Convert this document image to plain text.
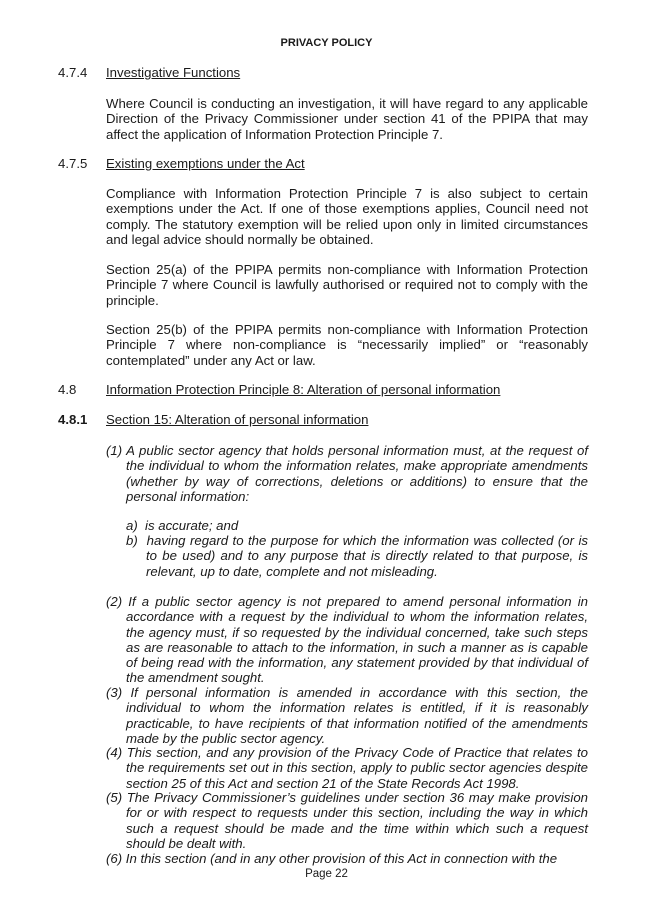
PRIVACY POLICY
4.7.4 Investigative Functions
Where Council is conducting an investigation, it will have regard to any applicable Direction of the Privacy Commissioner under section 41 of the PPIPA that may affect the application of Information Protection Principle 7.
4.7.5 Existing exemptions under the Act
Compliance with Information Protection Principle 7 is also subject to certain exemptions under the Act. If one of those exemptions applies, Council need not comply. The statutory exemption will be relied upon only in limited circumstances and legal advice should normally be obtained.
Section 25(a) of the PPIPA permits non-compliance with Information Protection Principle 7 where Council is lawfully authorised or required not to comply with the principle.
Section 25(b) of the PPIPA permits non-compliance with Information Protection Principle 7 where non-compliance is “necessarily implied” or “reasonably contemplated” under any Act or law.
4.8 Information Protection Principle 8: Alteration of personal information
4.8.1 Section 15: Alteration of personal information
(1) A public sector agency that holds personal information must, at the request of the individual to whom the information relates, make appropriate amendments (whether by way of corrections, deletions or additions) to ensure that the personal information:
a)  is accurate; and
b)  having regard to the purpose for which the information was collected (or is to be used) and to any purpose that is directly related to that purpose, is relevant, up to date, complete and not misleading.
(2) If a public sector agency is not prepared to amend personal information in accordance with a request by the individual to whom the information relates, the agency must, if so requested by the individual concerned, take such steps as are reasonable to attach to the information, in such a manner as is capable of being read with the information, any statement provided by that individual of the amendment sought.
(3) If personal information is amended in accordance with this section, the individual to whom the information relates is entitled, if it is reasonably practicable, to have recipients of that information notified of the amendments made by the public sector agency.
(4) This section, and any provision of the Privacy Code of Practice that relates to the requirements set out in this section, apply to public sector agencies despite section 25 of this Act and section 21 of the State Records Act 1998.
(5) The Privacy Commissioner’s guidelines under section 36 may make provision for or with respect to requests under this section, including the way in which such a request should be made and the time within which such a request should be dealt with.
(6) In this section (and in any other provision of this Act in connection with the
Page 22
